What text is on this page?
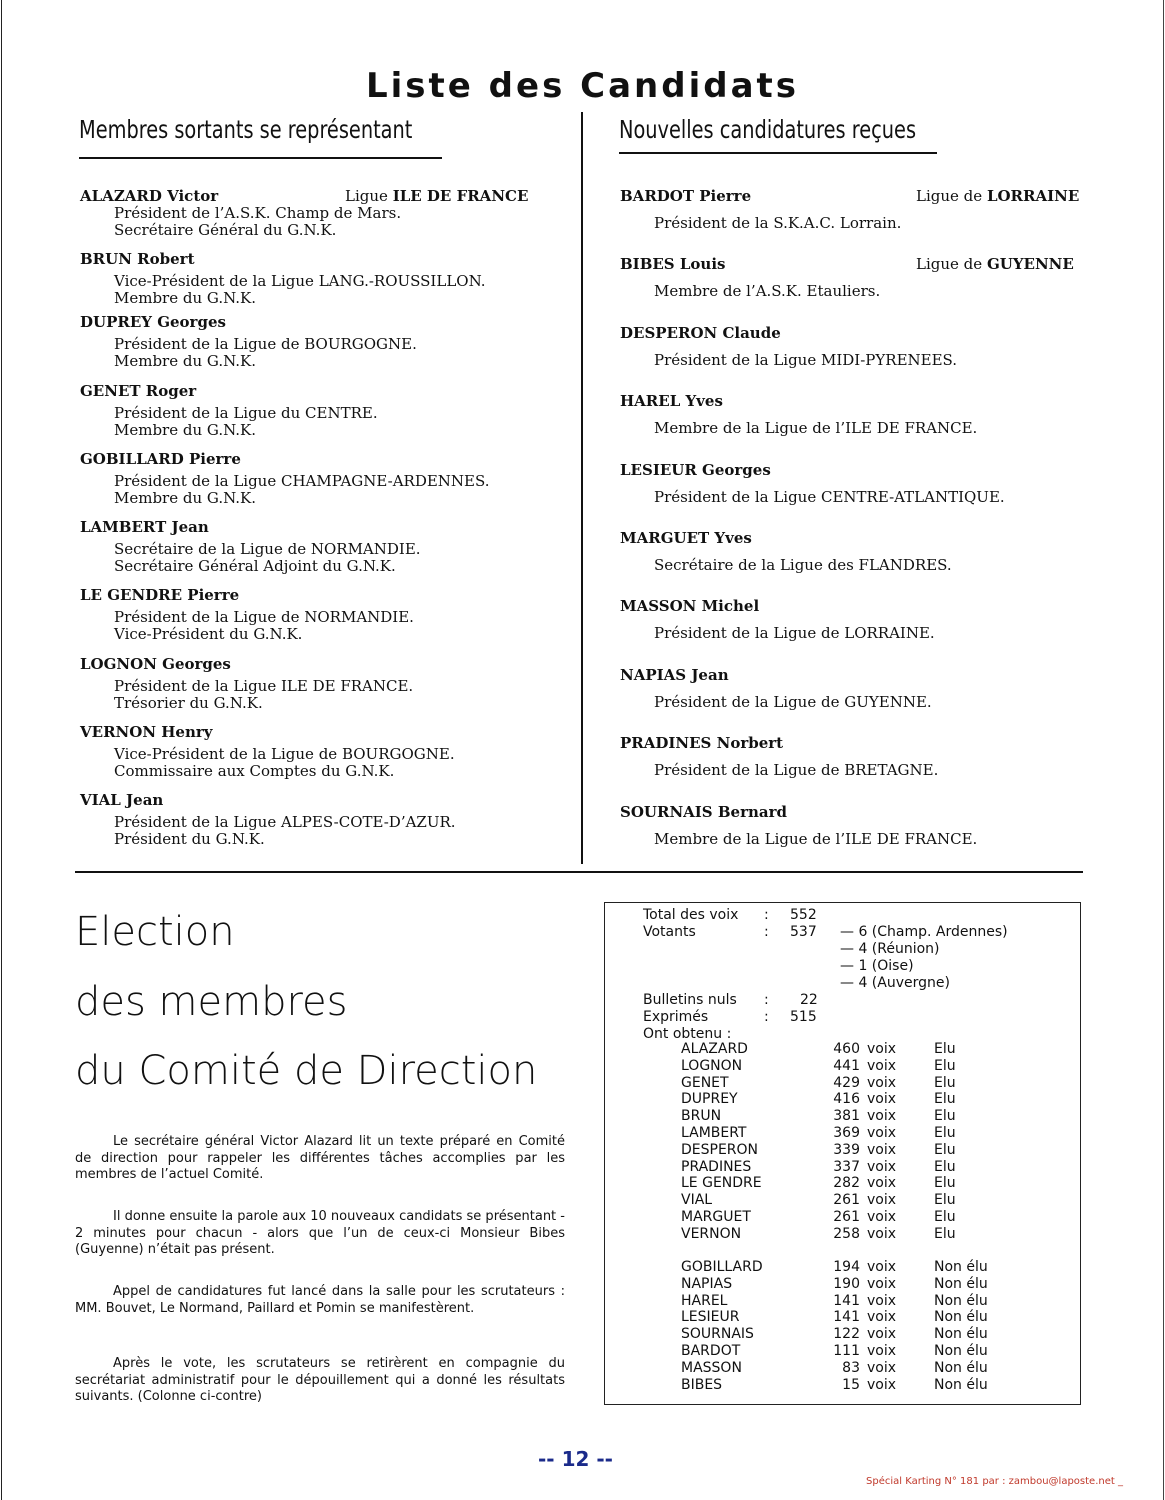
Liste des Candidats
Membres sortants se représentant	Nouvelles candidatures reçues
ALAZARD Victor	Ligue ILE DE FRANCE
Président de l’A.S.K. Champ de Mars.
Secrétaire Général du G.N.K.
BRUN Robert
Vice-Président de la Ligue LANG.-ROUSSILLON.
Membre du G.N.K.
DUPREY Georges
Président de la Ligue de BOURGOGNE.
Membre du G.N.K.
GENET Roger
Président de la Ligue du CENTRE.
Membre du G.N.K.
GOBILLARD Pierre
Président de la Ligue CHAMPAGNE-ARDENNES.
Membre du G.N.K.
LAMBERT Jean
Secrétaire de la Ligue de NORMANDIE.
Secrétaire Général Adjoint du G.N.K.
LE GENDRE Pierre
Président de la Ligue de NORMANDIE.
Vice-Président du G.N.K.
LOGNON Georges
Président de la Ligue ILE DE FRANCE.
Trésorier du G.N.K.
VERNON Henry
Vice-Président de la Ligue de BOURGOGNE.
Commissaire aux Comptes du G.N.K.
VIAL Jean
Président de la Ligue ALPES-COTE-D’AZUR.
Président du G.N.K.
BARDOT Pierre	Ligue de LORRAINE
Président de la S.K.A.C. Lorrain.
BIBES Louis	Ligue de GUYENNE
Membre de l’A.S.K. Etauliers.
DESPERON Claude
Président de la Ligue MIDI-PYRENEES.
HAREL Yves
Membre de la Ligue de l’ILE DE FRANCE.
LESIEUR Georges
Président de la Ligue CENTRE-ATLANTIQUE.
MARGUET Yves
Secrétaire de la Ligue des FLANDRES.
MASSON Michel
Président de la Ligue de LORRAINE.
NAPIAS Jean
Président de la Ligue de GUYENNE.
PRADINES Norbert
Président de la Ligue de BRETAGNE.
SOURNAIS Bernard
Membre de la Ligue de l’ILE DE FRANCE.
Election
des membres
du Comité de Direction
Le secrétaire général Victor Alazard lit un texte préparé en Comité de direction pour rappeler les différentes tâches accomplies par les membres de l’actuel Comité.
Il donne ensuite la parole aux 10 nouveaux candidats se présentant - 2 minutes pour chacun - alors que l’un de ceux-ci Monsieur Bibes (Guyenne) n’était pas présent.
Appel de candidatures fut lancé dans la salle pour les scrutateurs : MM. Bouvet, Le Normand, Paillard et Pomin se manifestèrent.
Après le vote, les scrutateurs se retirèrent en compagnie du secrétariat administratif pour le dépouillement qui a donné les résultats suivants. (Colonne ci-contre)
Total des voix : 552
Votants	: 537 — 6 (Champ. Ardennes)
— 4 (Réunion)
— 1 (Oise)
— 4 (Auvergne)
Bulletins nuls : 22
Exprimés	: 515
Ont obtenu :
ALAZARD	460 voix	Elu
LOGNON	441 voix	Elu
GENET	429 voix	Elu
DUPREY	416 voix	Elu
BRUN	381 voix	Elu
LAMBERT	369 voix	Elu
DESPERON	339 voix	Elu
PRADINES	337 voix	Elu
LE GENDRE	282 voix	Elu
VIAL	261 voix	Elu
MARGUET	261 voix	Elu
VERNON	258 voix	Elu
GOBILLARD	194 voix	Non élu
NAPIAS	190 voix	Non élu
HAREL	141 voix	Non élu
LESIEUR	141 voix	Non élu
SOURNAIS	122 voix	Non élu
BARDOT	111 voix	Non élu
MASSON	83 voix	Non élu
BIBES	15 voix	Non élu
-- 12 --
Spécial Karting N° 181 par : zambou@laposte.net _
